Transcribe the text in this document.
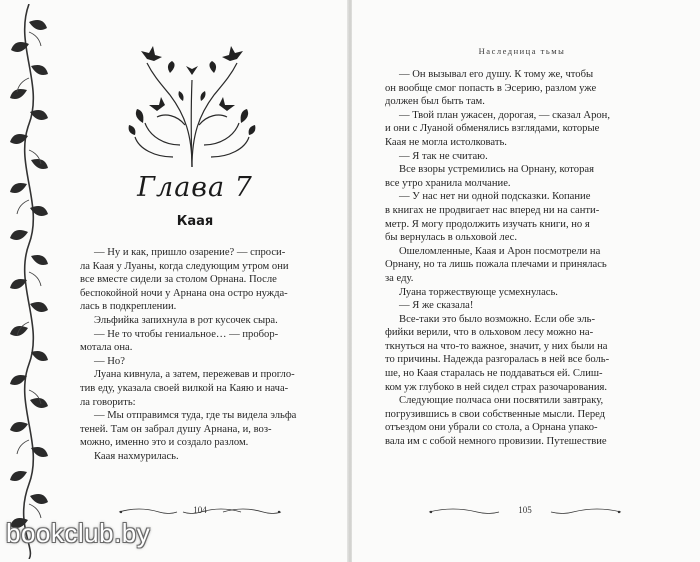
Глава 7
Кaaя

— Ну и как, пришло озарение? — спроси-

ла Каая у Луаны, когда следующим утром они

все вместе сидели за столом Орнана. После

беспокойной ночи у Арнана она остро нужда-

лась в подкреплении.

Эльфийка запихнула в рот кусочек сыра.

— Не то чтобы гениальное… — пробор-

мотала она.

— Но?

Луана кивнула, а затем, пережевав и прогло-

тив еду, указала своей вилкой на Каяю и нача-

ла говорить:

— Мы отправимся туда, где ты видела эльфа

теней. Там он забрал душу Арнана, и, воз-

можно, именно это и создало разлом.

Каая нахмурилась.

104
Наследница тьмы

— Он вызывал его душу. К тому же, чтобы

он вообще смог попасть в Эсерию, разлом уже

должен был быть там.

— Твой план ужасен, дорогая, — сказал Арон,

и они с Луаной обменялись взглядами, которые

Каая не могла истолковать.

— Я так не считаю.

Все взоры устремились на Орнану, которая

все утро хранила молчание.

— У нас нет ни одной подсказки. Копание

в книгах не продвигает нас вперед ни на санти-

метр. Я могу продолжить изучать книги, но я

бы вернулась в ольховой лес.

Ошеломленные, Каая и Арон посмотрели на

Орнану, но та лишь пожала плечами и принялась

за еду.

Луана торжествующе усмехнулась.

— Я же сказала!

Все-таки это было возможно. Если обе эль-

фийки верили, что в ольховом лесу можно на-

ткнуться на что-то важное, значит, у них были на

то причины. Надежда разгоралась в ней все боль-

ше, но Каая старалась не поддаваться ей. Слиш-

ком уж глубоко в ней сидел страх разочарования.

Следующие полчаса они посвятили завтраку,

погрузившись в свои собственные мысли. Перед

отъездом они убрали со стола, а Орнана упако-

вала им с собой немного провизии. Путешествие

105
bookclub.by
